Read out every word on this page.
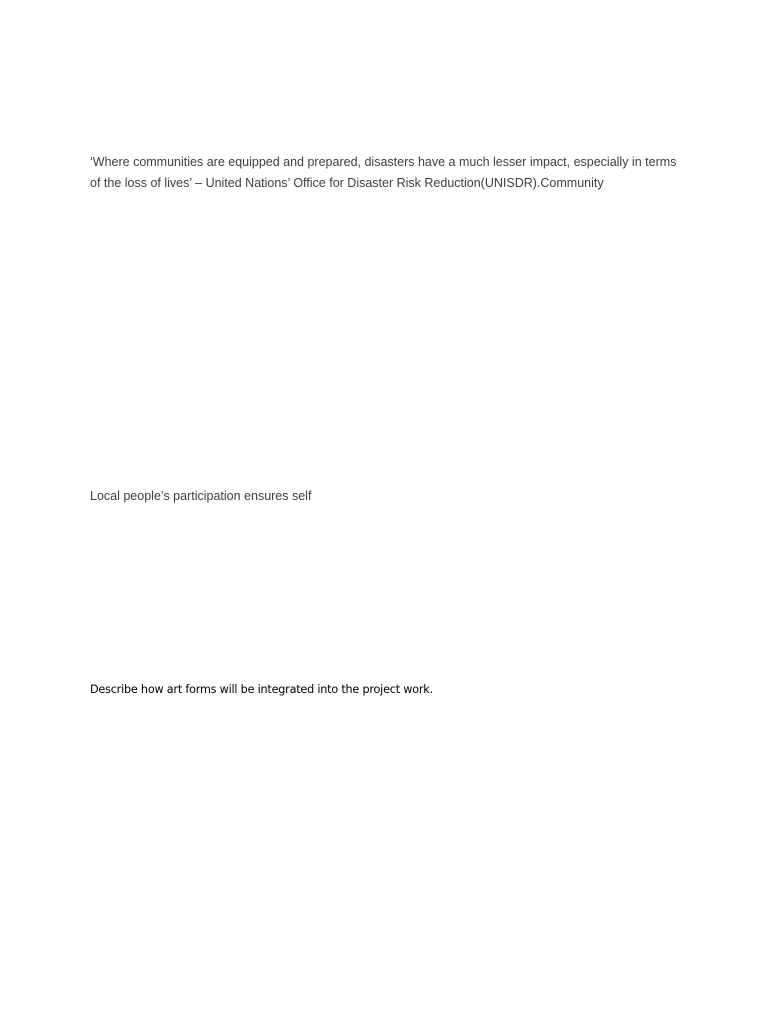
‘Where communities are equipped and prepared, disasters have a much lesser impact, especially in terms of the loss of lives’ – United Nations’ Office for Disaster Risk Reduction(UNISDR).Community

Local people’s participation ensures self

Describe how art forms will be integrated into the project work.
